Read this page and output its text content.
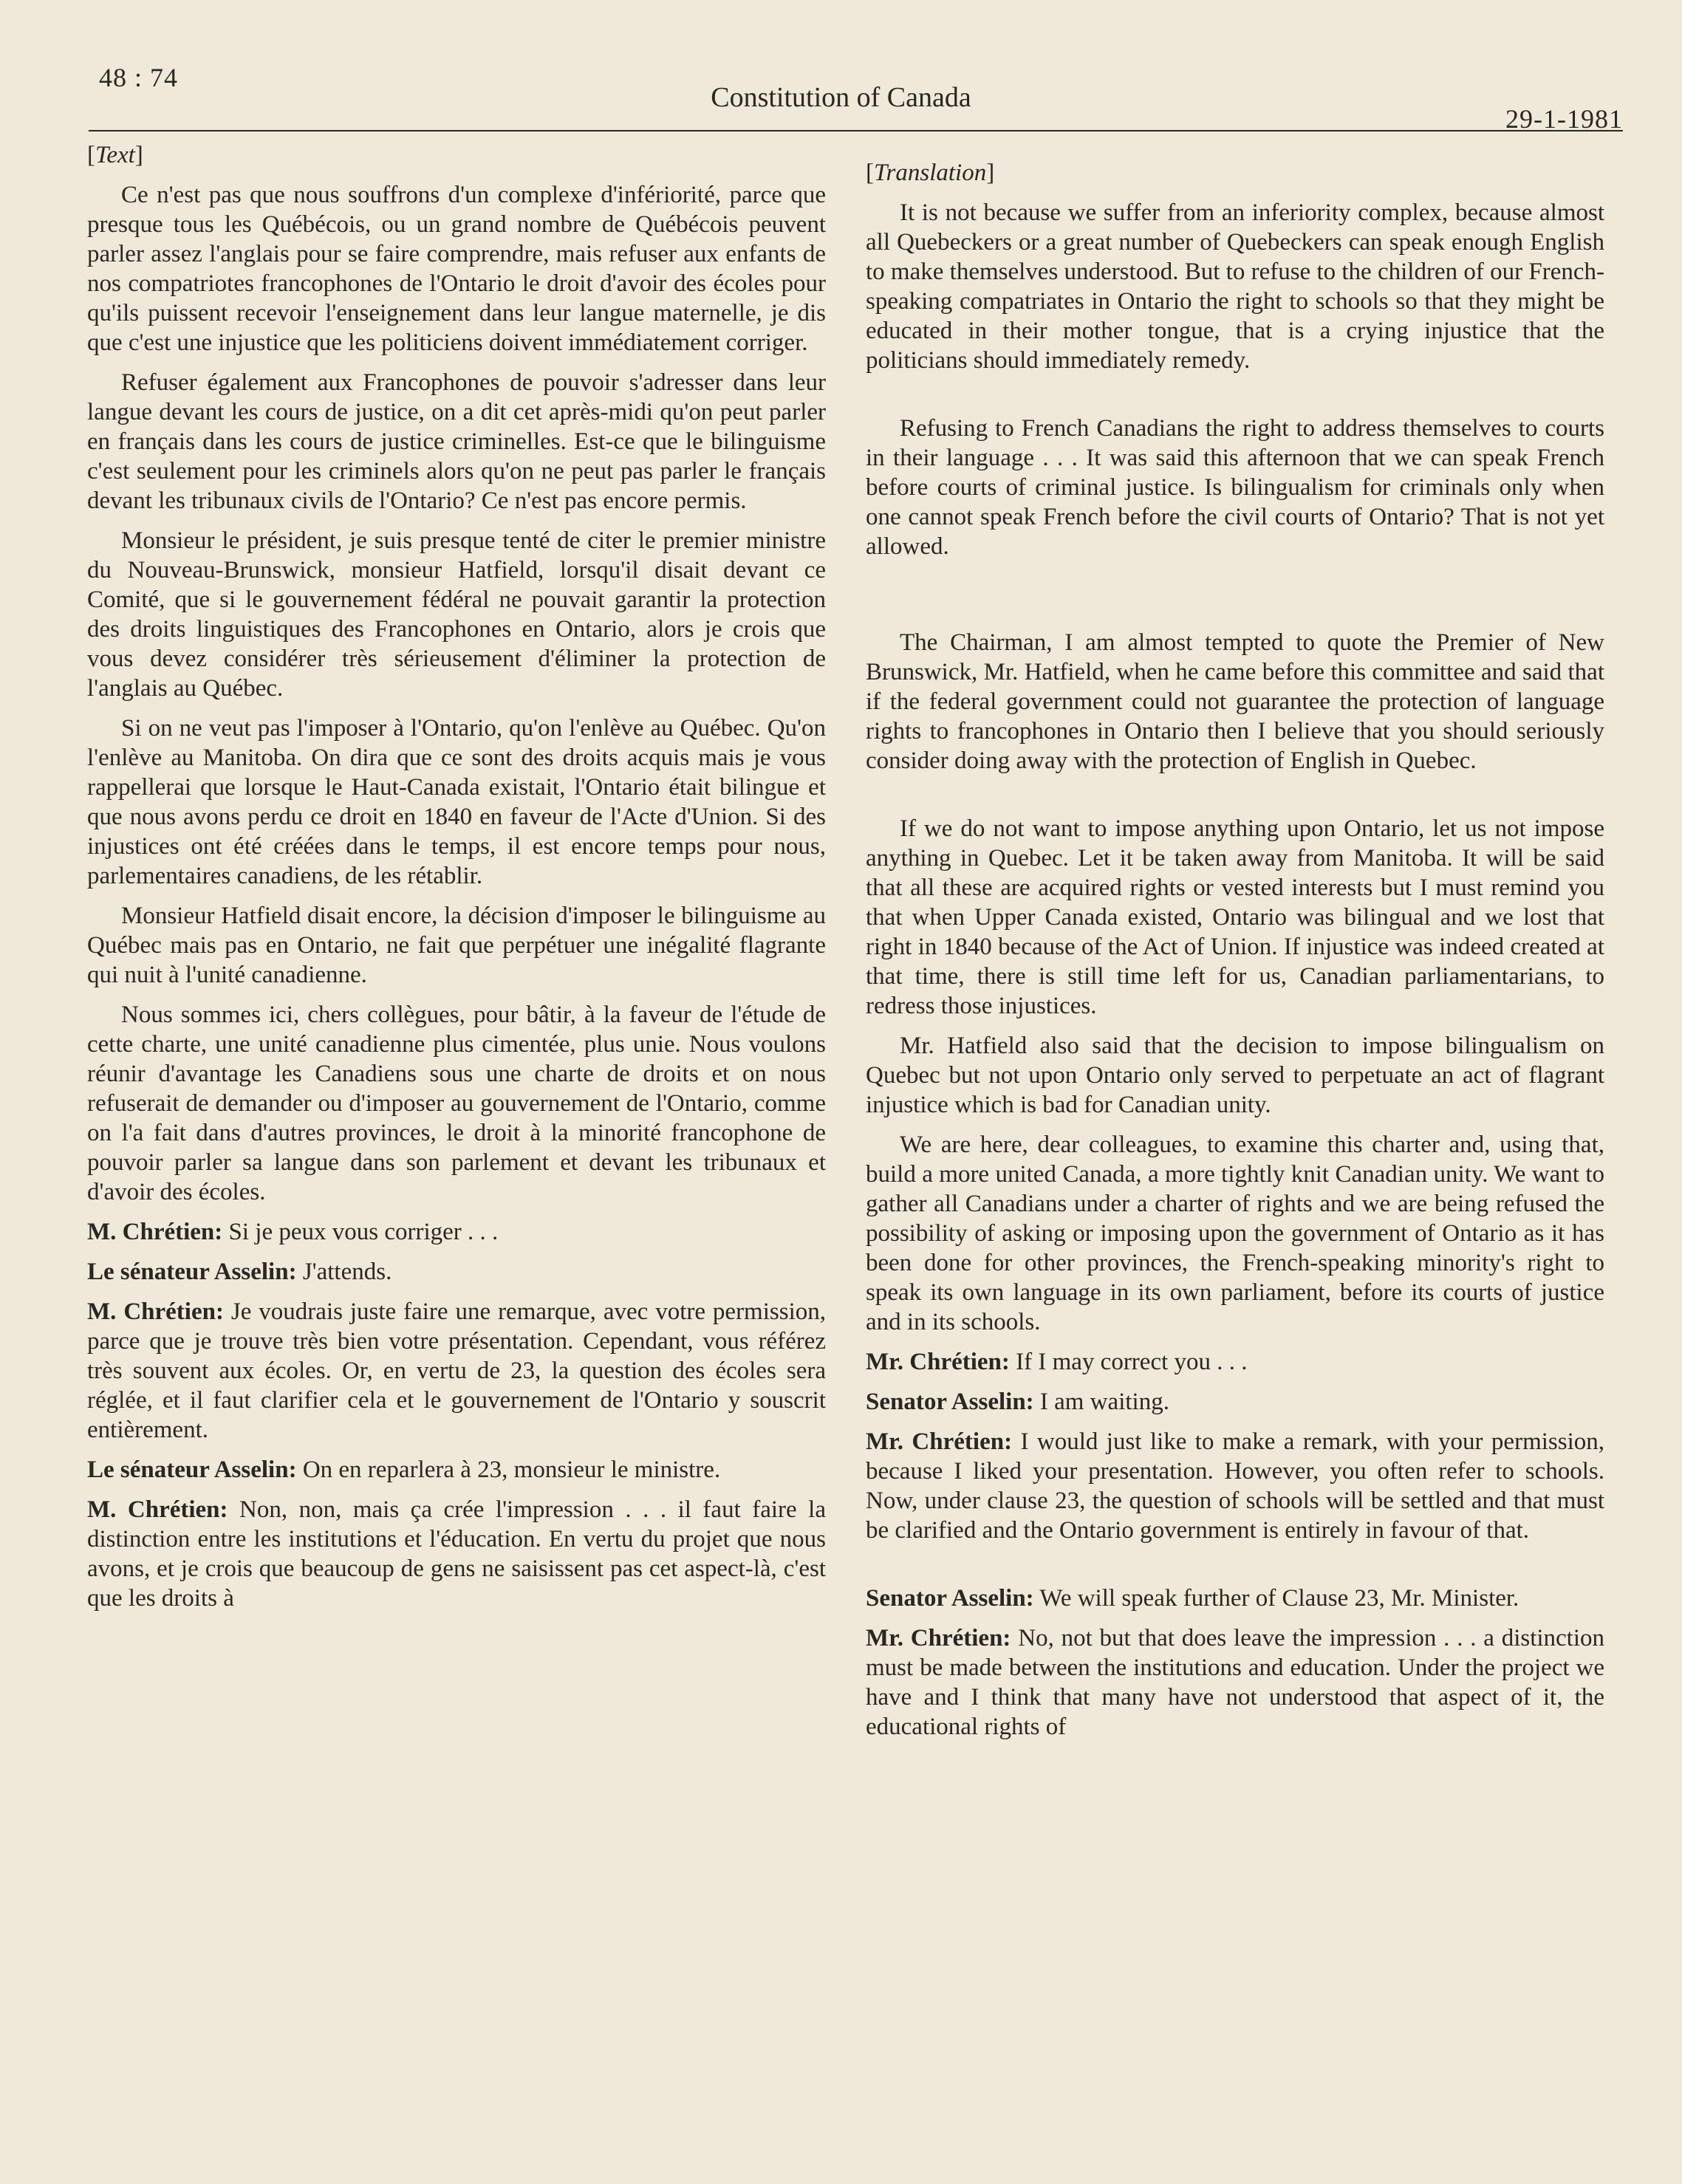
48 : 74
Constitution of Canada
29-1-1981
[Text]

Ce n'est pas que nous souffrons d'un complexe d'infériorité, parce que presque tous les Québécois, ou un grand nombre de Québécois peuvent parler assez l'anglais pour se faire comprendre, mais refuser aux enfants de nos compatriotes francophones de l'Ontario le droit d'avoir des écoles pour qu'ils puissent recevoir l'enseignement dans leur langue maternelle, je dis que c'est une injustice que les politiciens doivent immédiatement corriger.

Refuser également aux Francophones de pouvoir s'adresser dans leur langue devant les cours de justice, on a dit cet après-midi qu'on peut parler en français dans les cours de justice criminelles. Est-ce que le bilinguisme c'est seulement pour les criminels alors qu'on ne peut pas parler le français devant les tribunaux civils de l'Ontario? Ce n'est pas encore permis.

Monsieur le président, je suis presque tenté de citer le premier ministre du Nouveau-Brunswick, monsieur Hatfield, lorsqu'il disait devant ce Comité, que si le gouvernement fédéral ne pouvait garantir la protection des droits linguistiques des Francophones en Ontario, alors je crois que vous devez considérer très sérieusement d'éliminer la protection de l'anglais au Québec.

Si on ne veut pas l'imposer à l'Ontario, qu'on l'enlève au Québec. Qu'on l'enlève au Manitoba. On dira que ce sont des droits acquis mais je vous rappellerai que lorsque le Haut-Canada existait, l'Ontario était bilingue et que nous avons perdu ce droit en 1840 en faveur de l'Acte d'Union. Si des injustices ont été créées dans le temps, il est encore temps pour nous, parlementaires canadiens, de les rétablir.

Monsieur Hatfield disait encore, la décision d'imposer le bilinguisme au Québec mais pas en Ontario, ne fait que perpétuer une inégalité flagrante qui nuit à l'unité canadienne.

Nous sommes ici, chers collègues, pour bâtir, à la faveur de l'étude de cette charte, une unité canadienne plus cimentée, plus unie. Nous voulons réunir d'avantage les Canadiens sous une charte de droits et on nous refuserait de demander ou d'imposer au gouvernement de l'Ontario, comme on l'a fait dans d'autres provinces, le droit à la minorité francophone de pouvoir parler sa langue dans son parlement et devant les tribunaux et d'avoir des écoles.

M. Chrétien: Si je peux vous corriger . . .

Le sénateur Asselin: J'attends.

M. Chrétien: Je voudrais juste faire une remarque, avec votre permission, parce que je trouve très bien votre présentation. Cependant, vous référez très souvent aux écoles. Or, en vertu de 23, la question des écoles sera réglée, et il faut clarifier cela et le gouvernement de l'Ontario y souscrit entièrement.

Le sénateur Asselin: On en reparlera à 23, monsieur le ministre.

M. Chrétien: Non, non, mais ça crée l'impression . . . il faut faire la distinction entre les institutions et l'éducation. En vertu du projet que nous avons, et je crois que beaucoup de gens ne saisissent pas cet aspect-là, c'est que les droits à

[Translation]

It is not because we suffer from an inferiority complex, because almost all Quebeckers or a great number of Quebeckers can speak enough English to make themselves understood. But to refuse to the children of our French-speaking compatriates in Ontario the right to schools so that they might be educated in their mother tongue, that is a crying injustice that the politicians should immediately remedy.

Refusing to French Canadians the right to address themselves to courts in their language . . . It was said this afternoon that we can speak French before courts of criminal justice. Is bilingualism for criminals only when one cannot speak French before the civil courts of Ontario? That is not yet allowed.

The Chairman, I am almost tempted to quote the Premier of New Brunswick, Mr. Hatfield, when he came before this committee and said that if the federal government could not guarantee the protection of language rights to francophones in Ontario then I believe that you should seriously consider doing away with the protection of English in Quebec.

If we do not want to impose anything upon Ontario, let us not impose anything in Quebec. Let it be taken away from Manitoba. It will be said that all these are acquired rights or vested interests but I must remind you that when Upper Canada existed, Ontario was bilingual and we lost that right in 1840 because of the Act of Union. If injustice was indeed created at that time, there is still time left for us, Canadian parliamentarians, to redress those injustices.

Mr. Hatfield also said that the decision to impose bilingualism on Quebec but not upon Ontario only served to perpetuate an act of flagrant injustice which is bad for Canadian unity.

We are here, dear colleagues, to examine this charter and, using that, build a more united Canada, a more tightly knit Canadian unity. We want to gather all Canadians under a charter of rights and we are being refused the possibility of asking or imposing upon the government of Ontario as it has been done for other provinces, the French-speaking minority's right to speak its own language in its own parliament, before its courts of justice and in its schools.

Mr. Chrétien: If I may correct you . . .

Senator Asselin: I am waiting.

Mr. Chrétien: I would just like to make a remark, with your permission, because I liked your presentation. However, you often refer to schools. Now, under clause 23, the question of schools will be settled and that must be clarified and the Ontario government is entirely in favour of that.

Senator Asselin: We will speak further of Clause 23, Mr. Minister.

Mr. Chrétien: No, not but that does leave the impression . . . a distinction must be made between the institutions and education. Under the project we have and I think that many have not understood that aspect of it, the educational rights of
